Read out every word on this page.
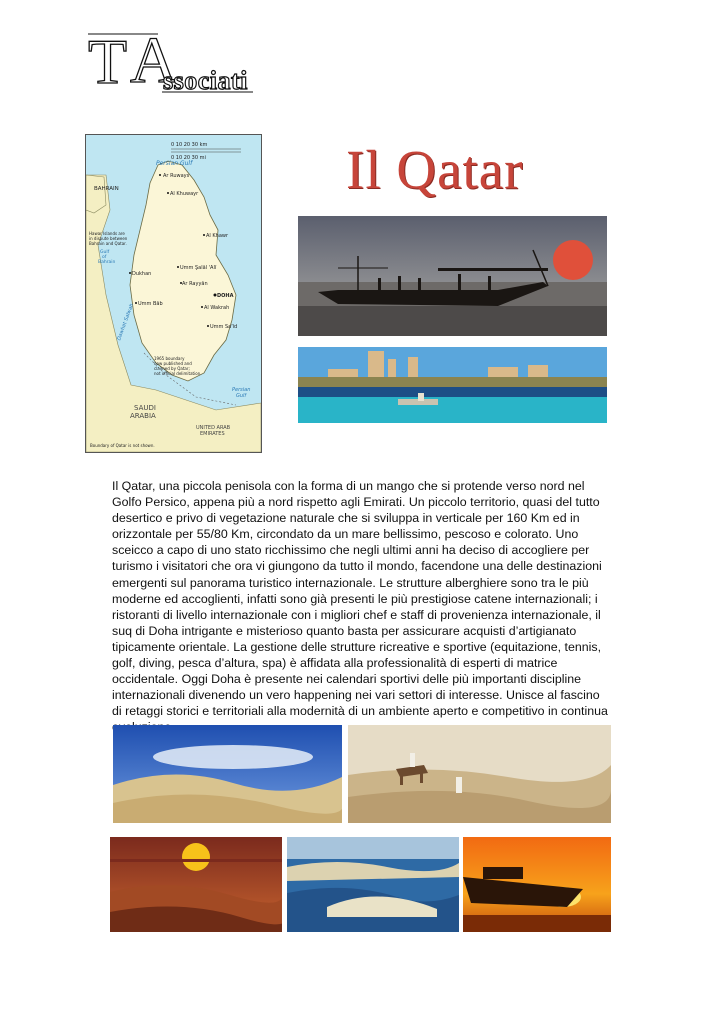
T A
ssociati
Il Qatar
0 10 20 30 km
0 10 20 30 mi
Persian Gulf
BAHRAIN
Ar Ruways
Al Khuwayr
Hawar Islands are in dispute between Bahrain and Qatar.
Al Khawr
Gulf of Bahrain
Dukhan
Umm Şalāl 'Alī
Ar Rayyān
DOHA
Umm Bāb
Al Wakrah
Umm Sa'īd
Dawhat Salwah
1965 boundary now published and claimed by Qatar; not official delimitation.
Persian Gulf
SAUDI ARABIA
UNITED ARAB EMIRATES
Boundary of Qatar is not shown.

Il Qatar, una piccola penisola con la forma di un mango che si protende verso nord nel Golfo Persico, appena più a nord rispetto agli Emirati. Un piccolo territorio, quasi del tutto desertico e privo di vegetazione naturale che si sviluppa in verticale per 160 Km ed in orizzontale per 55/80 Km, circondato da un mare bellissimo, pescoso e colorato. Uno sceicco a capo di uno stato ricchissimo che negli ultimi anni ha deciso di accogliere per turismo i visitatori che ora vi giungono da tutto il mondo, facendone una delle destinazioni emergenti sul panorama turistico internazionale. Le strutture alberghiere sono tra le più moderne ed accoglienti, infatti sono già presenti le più prestigiose catene internazionali; i ristoranti di livello internazionale con i migliori chef e staff di provenienza internazionale, il suq di Doha intrigante e misterioso quanto basta per assicurare acquisti d’artigianato tipicamente orientale. La gestione delle strutture ricreative e sportive (equitazione, tennis, golf, diving, pesca d’altura, spa) è affidata alla professionalità di esperti di matrice occidentale. Oggi Doha è presente nei calendari sportivi delle più importanti discipline internazionali divenendo un vero happening nei vari settori di interesse. Unisce al fascino di retaggi storici e territoriali alla modernità di un ambiente aperto e competitivo in continua
